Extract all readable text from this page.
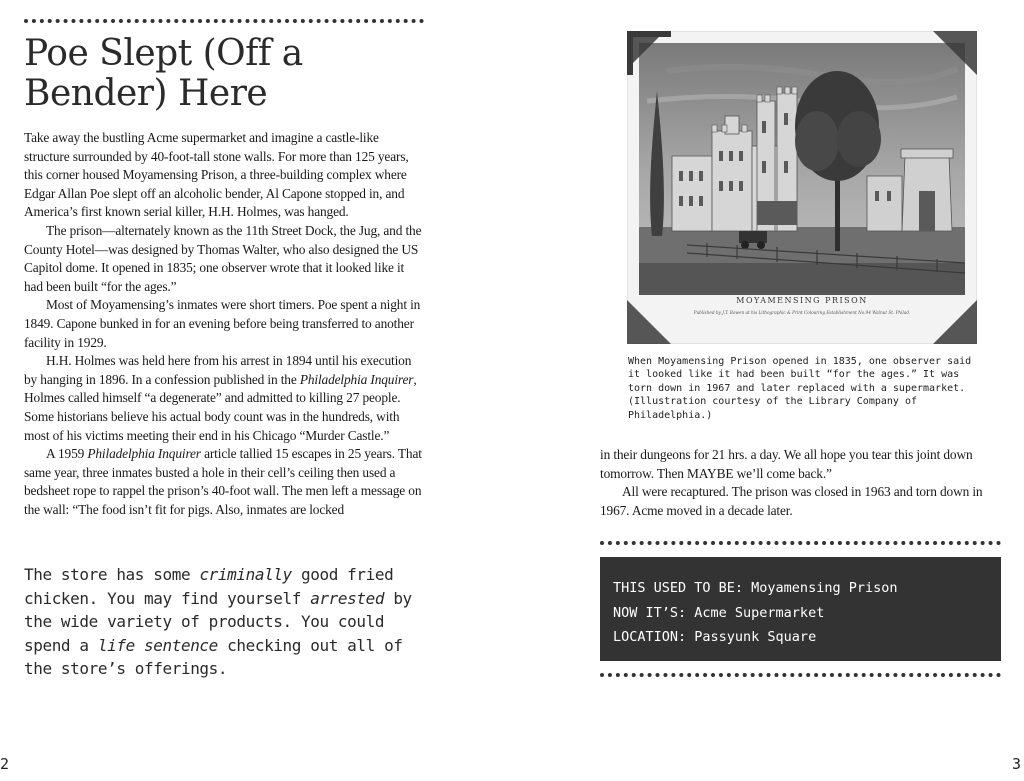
Poe Slept (Off a Bender) Here

Take away the bustling Acme supermarket and imagine a castle-like structure surrounded by 40-foot-tall stone walls. For more than 125 years, this corner housed Moyamensing Prison, a three-building complex where Edgar Allan Poe slept off an alcoholic bender, Al Capone stopped in, and America’s first known serial killer, H.H. Holmes, was hanged.

The prison—alternately known as the 11th Street Dock, the Jug, and the County Hotel—was designed by Thomas Walter, who also designed the US Capitol dome. It opened in 1835; one observer wrote that it looked like it had been built “for the ages.”

Most of Moyamensing’s inmates were short timers. Poe spent a night in 1849. Capone bunked in for an evening before being transferred to another facility in 1929.

H.H. Holmes was held here from his arrest in 1894 until his execution by hanging in 1896. In a confession published in the Philadelphia Inquirer, Holmes called himself “a degenerate” and admitted to killing 27 people. Some historians believe his actual body count was in the hundreds, with most of his victims meeting their end in his Chicago “Murder Castle.”

A 1959 Philadelphia Inquirer article tallied 15 escapes in 25 years. That same year, three inmates busted a hole in their cell’s ceiling then used a bedsheet rope to rappel the prison’s 40-foot wall. The men left a message on the wall: “The food isn’t fit for pigs. Also, inmates are locked

The store has some criminally good fried chicken. You may find yourself arrested by the wide variety of products. You could spend a life sentence checking out all of the store’s offerings.

2
MOYAMENSING PRISON
Published by J.T. Bowen at his Lithographic & Print Colouring Establishment No.94 Walnut St. Philad.

When Moyamensing Prison opened in 1835, one observer said it looked like it had been built “for the ages.” It was torn down in 1967 and later replaced with a supermarket. (Illustration courtesy of the Library Company of Philadelphia.)

in their dungeons for 21 hrs. a day. We all hope you tear this joint down tomorrow. Then MAYBE we’ll come back.”

All were recaptured. The prison was closed in 1963 and torn down in 1967. Acme moved in a decade later.

THIS USED TO BE: Moyamensing Prison
NOW IT’S: Acme Supermarket
LOCATION: Passyunk Square
3
